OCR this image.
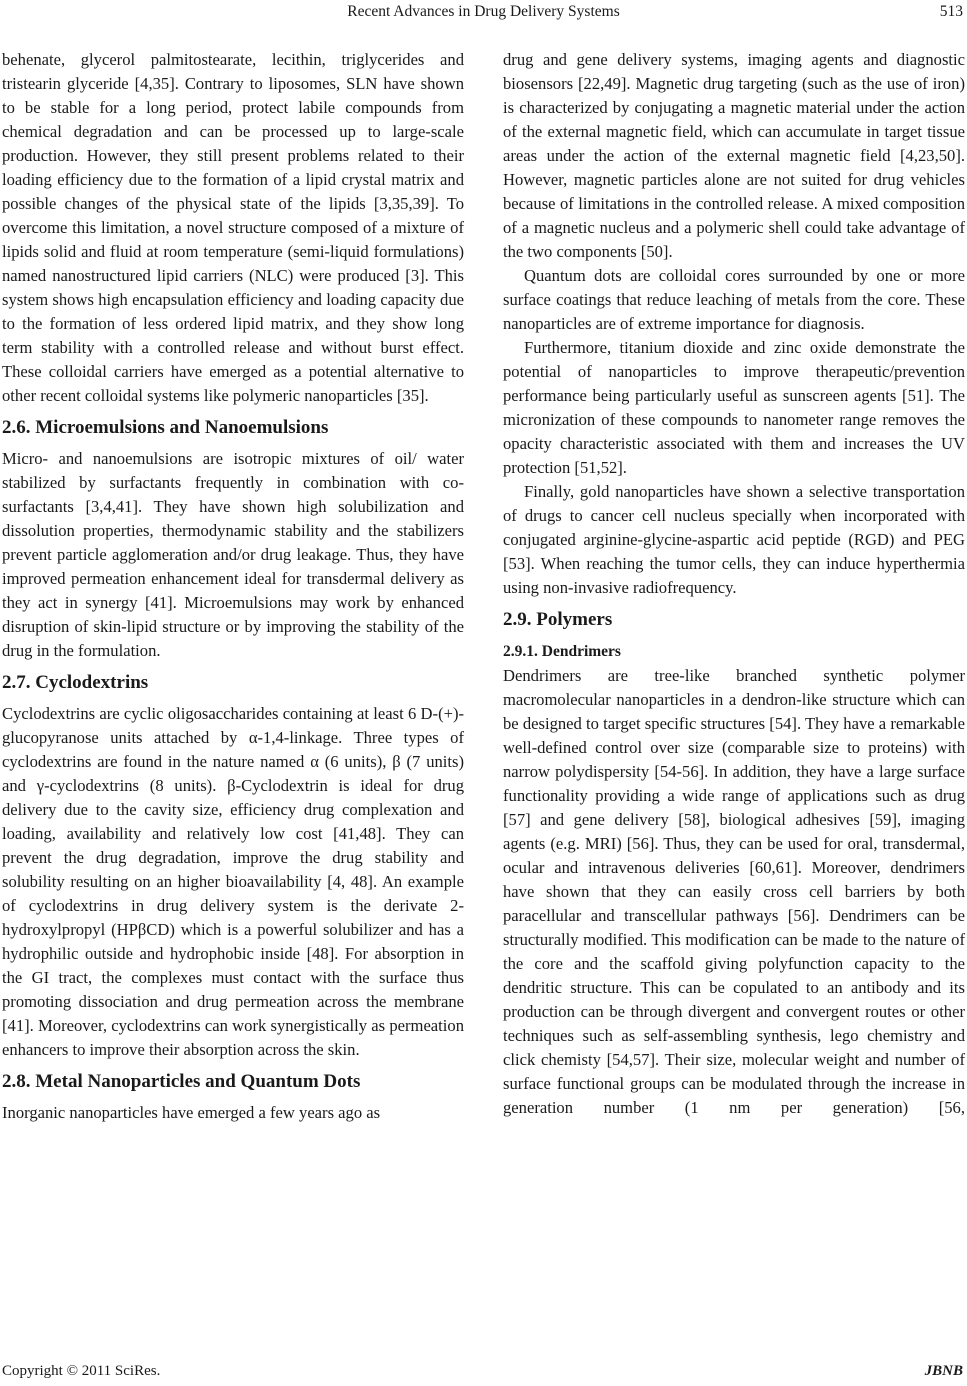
Recent Advances in Drug Delivery Systems	513

behenate, glycerol palmitostearate, lecithin, triglycerides and tristearin glyceride [4,35]. Contrary to liposomes, SLN have shown to be stable for a long period, protect labile compounds from chemical degradation and can be processed up to large-scale production. However, they still present problems related to their loading efficiency due to the formation of a lipid crystal matrix and possible changes of the physical state of the lipids [3,35,39]. To overcome this limitation, a novel structure composed of a mixture of lipids solid and fluid at room temperature (semi-liquid formulations) named nanostructured lipid carriers (NLC) were produced [3]. This system shows high encapsulation efficiency and loading capacity due to the formation of less ordered lipid matrix, and they show long term stability with a controlled release and without burst effect. These colloidal carriers have emerged as a potential alternative to other recent colloidal systems like polymeric nanoparticles [35].

2.6. Microemulsions and Nanoemulsions

Micro- and nanoemulsions are isotropic mixtures of oil/ water stabilized by surfactants frequently in combination with co-surfactants [3,4,41]. They have shown high solubilization and dissolution properties, thermodynamic stability and the stabilizers prevent particle agglomeration and/or drug leakage. Thus, they have improved permeation enhancement ideal for transdermal delivery as they act in synergy [41]. Microemulsions may work by enhanced disruption of skin-lipid structure or by improving the stability of the drug in the formulation.

2.7. Cyclodextrins

Cyclodextrins are cyclic oligosaccharides containing at least 6 D-(+)-glucopyranose units attached by α-1,4-linkage. Three types of cyclodextrins are found in the nature named α (6 units), β (7 units) and γ-cyclodextrins (8 units). β-Cyclodextrin is ideal for drug delivery due to the cavity size, efficiency drug complexation and loading, availability and relatively low cost [41,48]. They can prevent the drug degradation, improve the drug stability and solubility resulting on an higher bioavailability [4, 48]. An example of cyclodextrins in drug delivery system is the derivate 2-hydroxylpropyl (HPβCD) which is a powerful solubilizer and has a hydrophilic outside and hydrophobic inside [48]. For absorption in the GI tract, the complexes must contact with the surface thus promoting dissociation and drug permeation across the membrane [41]. Moreover, cyclodextrins can work synergistically as permeation enhancers to improve their absorption across the skin.

2.8. Metal Nanoparticles and Quantum Dots

Inorganic nanoparticles have emerged a few years ago as

drug and gene delivery systems, imaging agents and diagnostic biosensors [22,49]. Magnetic drug targeting (such as the use of iron) is characterized by conjugating a magnetic material under the action of the external magnetic field, which can accumulate in target tissue areas under the action of the external magnetic field [4,23,50]. However, magnetic particles alone are not suited for drug vehicles because of limitations in the controlled release. A mixed composition of a magnetic nucleus and a polymeric shell could take advantage of the two components [50].

Quantum dots are colloidal cores surrounded by one or more surface coatings that reduce leaching of metals from the core. These nanoparticles are of extreme importance for diagnosis.

Furthermore, titanium dioxide and zinc oxide demonstrate the potential of nanoparticles to improve therapeutic/prevention performance being particularly useful as sunscreen agents [51]. The micronization of these compounds to nanometer range removes the opacity characteristic associated with them and increases the UV protection [51,52].

Finally, gold nanoparticles have shown a selective transportation of drugs to cancer cell nucleus specially when incorporated with conjugated arginine-glycine-aspartic acid peptide (RGD) and PEG [53]. When reaching the tumor cells, they can induce hyperthermia using non-invasive radiofrequency.

2.9. Polymers
2.9.1. Dendrimers

Dendrimers are tree-like branched synthetic polymer macromolecular nanoparticles in a dendron-like structure which can be designed to target specific structures [54]. They have a remarkable well-defined control over size (comparable size to proteins) with narrow polydispersity [54-56]. In addition, they have a large surface functionality providing a wide range of applications such as drug [57] and gene delivery [58], biological adhesives [59], imaging agents (e.g. MRI) [56]. Thus, they can be used for oral, transdermal, ocular and intravenous deliveries [60,61]. Moreover, dendrimers have shown that they can easily cross cell barriers by both paracellular and transcellular pathways [56]. Dendrimers can be structurally modified. This modification can be made to the nature of the core and the scaffold giving polyfunction capacity to the dendritic structure. This can be copulated to an antibody and its production can be through divergent and convergent routes or other techniques such as self-assembling synthesis, lego chemistry and click chemisty [54,57]. Their size, molecular weight and number of surface functional groups can be modulated through the increase in generation number (1 nm per generation) [56,

Copyright © 2011 SciRes.	JBNB
